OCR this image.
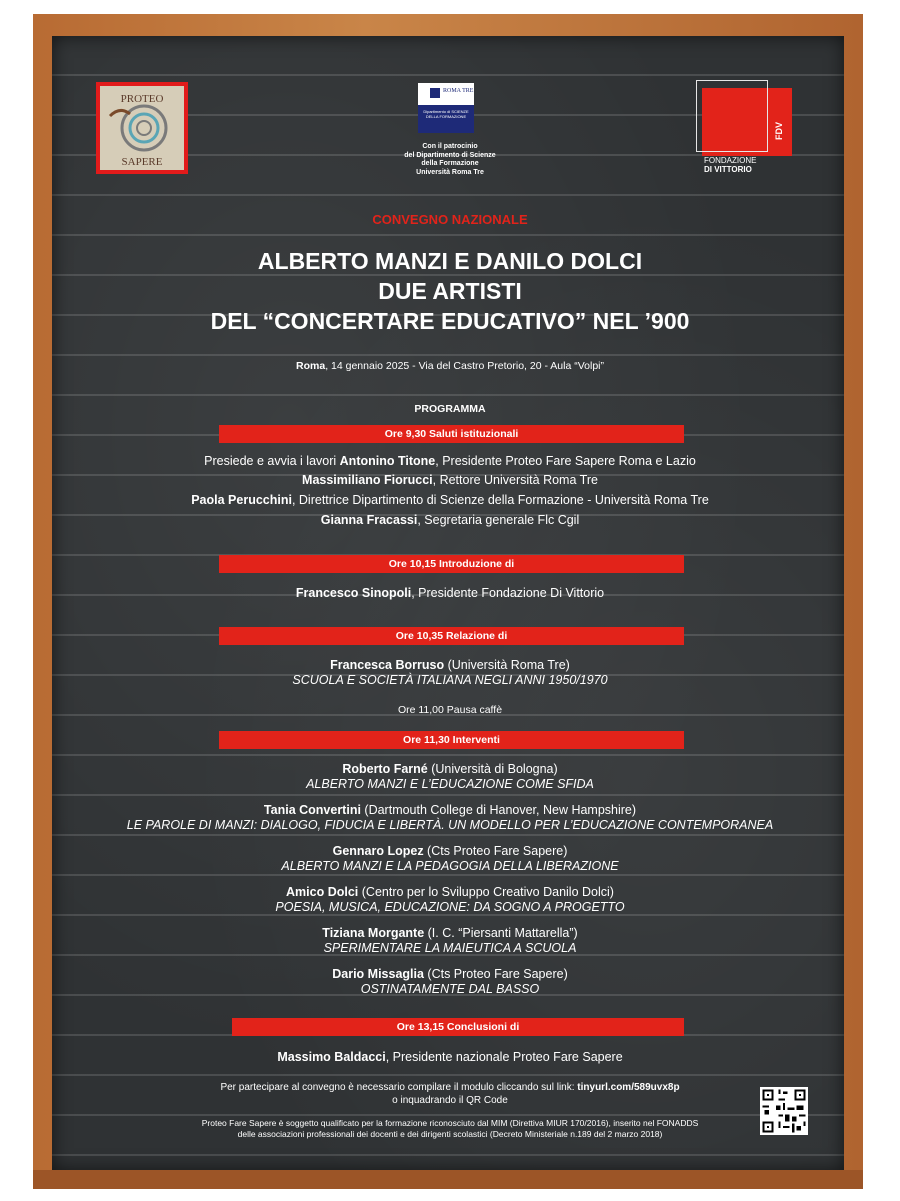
PROTEO
SAPERE
ROMA TRE
Dipartimento di SCIENZE DELLA FORMAZIONE
Con il patrocinio
del Dipartimento di Scienze
della Formazione
Università Roma Tre
FDV
FONDAZIONE
DI VITTORIO
CONVEGNO NAZIONALE
ALBERTO MANZI E DANILO DOLCI
DUE ARTISTI
DEL “CONCERTARE EDUCATIVO” NEL ’900
Roma, 14 gennaio 2025 - Via del Castro Pretorio, 20 - Aula “Volpi”
PROGRAMMA
Ore 9,30 Saluti istituzionali
Presiede e avvia i lavori Antonino Titone, Presidente Proteo Fare Sapere Roma e Lazio
Massimiliano Fiorucci, Rettore Università Roma Tre
Paola Perucchini, Direttrice Dipartimento di Scienze della Formazione - Università Roma Tre
Gianna Fracassi, Segretaria generale Flc Cgil
Ore 10,15 Introduzione di
Francesco Sinopoli, Presidente Fondazione Di Vittorio
Ore 10,35 Relazione di
Francesca Borruso (Università Roma Tre)
SCUOLA E SOCIETÀ ITALIANA NEGLI ANNI 1950/1970
Ore 11,00 Pausa caffè
Ore 11,30 Interventi
Roberto Farné (Università di Bologna)
ALBERTO MANZI E L’EDUCAZIONE COME SFIDA
Tania Convertini (Dartmouth College di Hanover, New Hampshire)
LE PAROLE DI MANZI: DIALOGO, FIDUCIA E LIBERTÀ. UN MODELLO PER L’EDUCAZIONE CONTEMPORANEA
Gennaro Lopez (Cts Proteo Fare Sapere)
ALBERTO MANZI E LA PEDAGOGIA DELLA LIBERAZIONE
Amico Dolci (Centro per lo Sviluppo Creativo Danilo Dolci)
POESIA, MUSICA, EDUCAZIONE: DA SOGNO A PROGETTO
Tiziana Morgante (I. C. “Piersanti Mattarella”)
SPERIMENTARE LA MAIEUTICA A SCUOLA
Dario Missaglia (Cts Proteo Fare Sapere)
OSTINATAMENTE DAL BASSO
Ore 13,15 Conclusioni di
Massimo Baldacci, Presidente nazionale Proteo Fare Sapere
Per partecipare al convegno è necessario compilare il modulo cliccando sul link: tinyurl.com/589uvx8p
o inquadrando il QR Code
Proteo Fare Sapere è soggetto qualificato per la formazione riconosciuto dal MIM (Direttiva MIUR 170/2016), inserito nel FONADDS
delle associazioni professionali dei docenti e dei dirigenti scolastici (Decreto Ministeriale n.189 del 2 marzo 2018)
